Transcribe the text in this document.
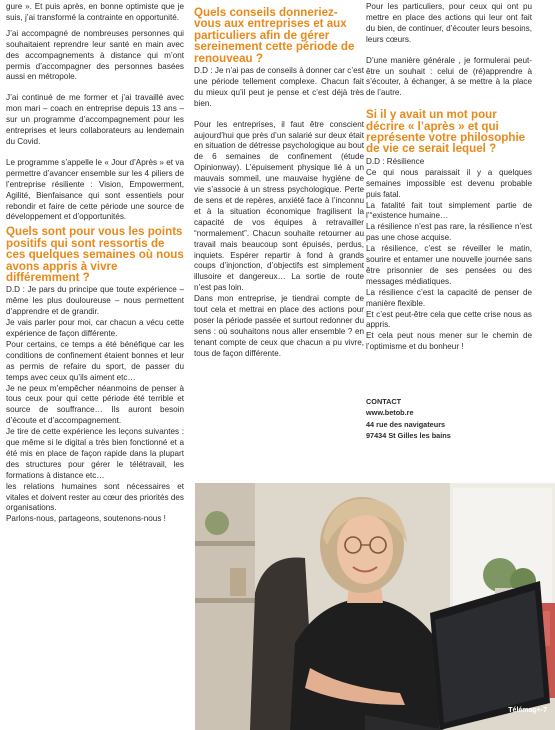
gure ». Et puis après, en bonne optimiste que je suis, j’ai transformé la contrainte en opportunité.

J’ai accompagné de nombreuses personnes qui souhaitaient reprendre leur santé en main avec des accompagnements à distance qui m’ont permis d’accompagner des personnes basées aussi en métropole.

J’ai continué de me former et j’ai travaillé avec mon mari – coach en entreprise depuis 13 ans – sur un programme d’accompagnement pour les entreprises et leurs collaborateurs au lendemain du Covid.

Le programme s’appelle le « Jour d’Après » et va permettre d’avancer ensemble sur les 4 piliers de l’entreprise résiliente : Vision, Empowerment, Agilité, Bienfaisance qui sont essentiels pour rebondir et faire de cette période une source de développement et d’opportunités.

Quels sont pour vous les points positifs qui sont ressortis de ces quelques semaines où nous avons appris à vivre différemment ?

D.D : Je pars du principe que toute expérience – même les plus douloureuse – nous permettent d’apprendre et de grandir.

Je vais parler pour moi, car chacun a vécu cette expérience de façon différente.

Pour certains, ce temps a été bénéfique car les conditions de confinement étaient bonnes et leur as permis de refaire du sport, de passer du temps avec ceux qu’ils aiment etc…

Je ne peux m’empêcher néanmoins de penser à tous ceux pour qui cette période été terrible et source de souffrance… Ils auront besoin d’écoute et d’accompagnement.

Je tire de cette expérience les leçons suivantes : que même si le digital a très bien fonctionné et a été mis en place de façon rapide dans la plupart des structures pour gérer le télétravail, les formations à distance etc…

les relations humaines sont nécessaires et vitales et doivent rester au cœur des priorités des organisations.

Parlons-nous, partageons, soutenons-nous !

Quels conseils donneriez-vous aux entreprises et aux particuliers afin de gérer sereinement cette période de renouveau ?

D.D : Je n’ai pas de conseils à donner car c’est une période tellement complexe. Chacun fait du mieux qu’il peut je pense et c’est déjà très bien.

Pour les entreprises, il faut être conscient aujourd’hui que près d’un salarié sur deux était en situation de détresse psychologique au bout de 6 semaines de confinement (étude Opinionway). L’épuisement physique lié à un mauvais sommeil, une mauvaise hygiène de vie s’associe à un stress psychologique. Perte de sens et de repères, anxiété face à l’inconnu et à la situation économique fragilisent la capacité de vos équipes à retravailler “normalement”. Chacun souhaite retourner au travail mais beaucoup sont épuisés, perdus, inquiets. Espérer repartir à fond à grands coups d’injonction, d’objectifs est simplement illusoire et dangereux… La sortie de route n’est pas loin.

Dans mon entreprise, je tiendrai compte de tout cela et mettrai en place des actions pour poser la période passée et surtout redonner du sens : où souhaitons nous aller ensemble ? en tenant compte de ceux que chacun a pu vivre, tous de façon différente.

Pour les particuliers, pour ceux qui ont pu mettre en place des actions qui leur ont fait du bien, de continuer, d’écouter leurs besoins, leurs cœurs.

D’une manière générale , je formulerai peut-être un souhait : celui de (ré)apprendre à s’écouter, à échanger, à se mettre à la place de l’autre.

Si il y avait un mot pour décrire « l’après » et qui représente votre philosophie de vie ce serait lequel ?

D.D : Résilience

Ce qui nous paraissait il y a quelques semaines impossible est devenu probable puis fatal.

La fatalité fait tout simplement partie de l’“existence humaine…

La résilience n’est pas rare, la résilience n’est pas une chose acquise.

La résilience, c’est se réveiller le matin, sourire et entamer une nouvelle journée sans être prisonnier de ses pensées ou des messages médiatiques.

La résilience c’est la capacité de penser de manière flexible.

Et c’est peut-être cela que cette crise nous as appris.

Et cela peut nous mener sur le chemin de l’optimisme et du bonheur !

CONTACT
www.betob.re
44 rue des navigateurs
97434 St Gilles les bains
Télémag+-7
